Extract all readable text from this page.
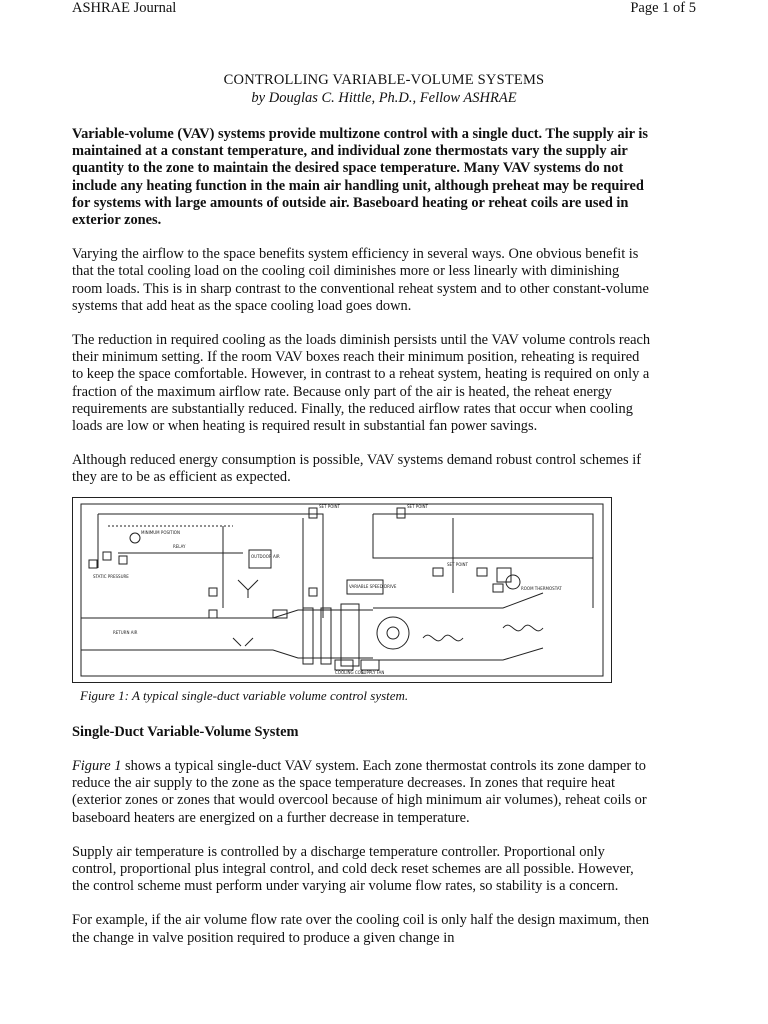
ASHRAE Journal	Page 1 of 5
CONTROLLING VARIABLE-VOLUME SYSTEMS
by Douglas C. Hittle, Ph.D., Fellow ASHRAE

Variable-volume (VAV) systems provide multizone control with a single duct. The supply air is maintained at a constant temperature, and individual zone thermostats vary the supply air quantity to the zone to maintain the desired space temperature. Many VAV systems do not include any heating function in the main air handling unit, although preheat may be required for systems with large amounts of outside air. Baseboard heating or reheat coils are used in exterior zones.

Varying the airflow to the space benefits system efficiency in several ways. One obvious benefit is that the total cooling load on the cooling coil diminishes more or less linearly with diminishing room loads. This is in sharp contrast to the conventional reheat system and to other constant-volume systems that add heat as the space cooling load goes down.

The reduction in required cooling as the loads diminish persists until the VAV volume controls reach their minimum setting. If the room VAV boxes reach their minimum position, reheating is required to keep the space comfortable. However, in contrast to a reheat system, heating is required on only a fraction of the maximum airflow rate. Because only part of the air is heated, the reheat energy requirements are substantially reduced. Finally, the reduced airflow rates that occur when cooling loads are low or when heating is required result in substantial fan power savings.

Although reduced energy consumption is possible, VAV systems demand robust control schemes if they are to be as efficient as expected.

MINIMUM POSITION
RELAY
STATIC PRESSURE
OUTDOOR AIR
SET POINT	SET POINT
SET POINT
VARIABLE SPEED DRIVE	ROOM THERMOSTAT
RETURN AIR
COOLING COIL
SUPPLY FAN
Figure 1: A typical single-duct variable volume control system.

Single-Duct Variable-Volume System

Figure 1 shows a typical single-duct VAV system. Each zone thermostat controls its zone damper to reduce the air supply to the zone as the space temperature decreases. In zones that require heat (exterior zones or zones that would overcool because of high minimum air volumes), reheat coils or baseboard heaters are energized on a further decrease in temperature.

Supply air temperature is controlled by a discharge temperature controller. Proportional only control, proportional plus integral control, and cold deck reset schemes are all possible. However, the control scheme must perform under varying air volume flow rates, so stability is a concern.

For example, if the air volume flow rate over the cooling coil is only half the design maximum, then the change in valve position required to produce a given change in
